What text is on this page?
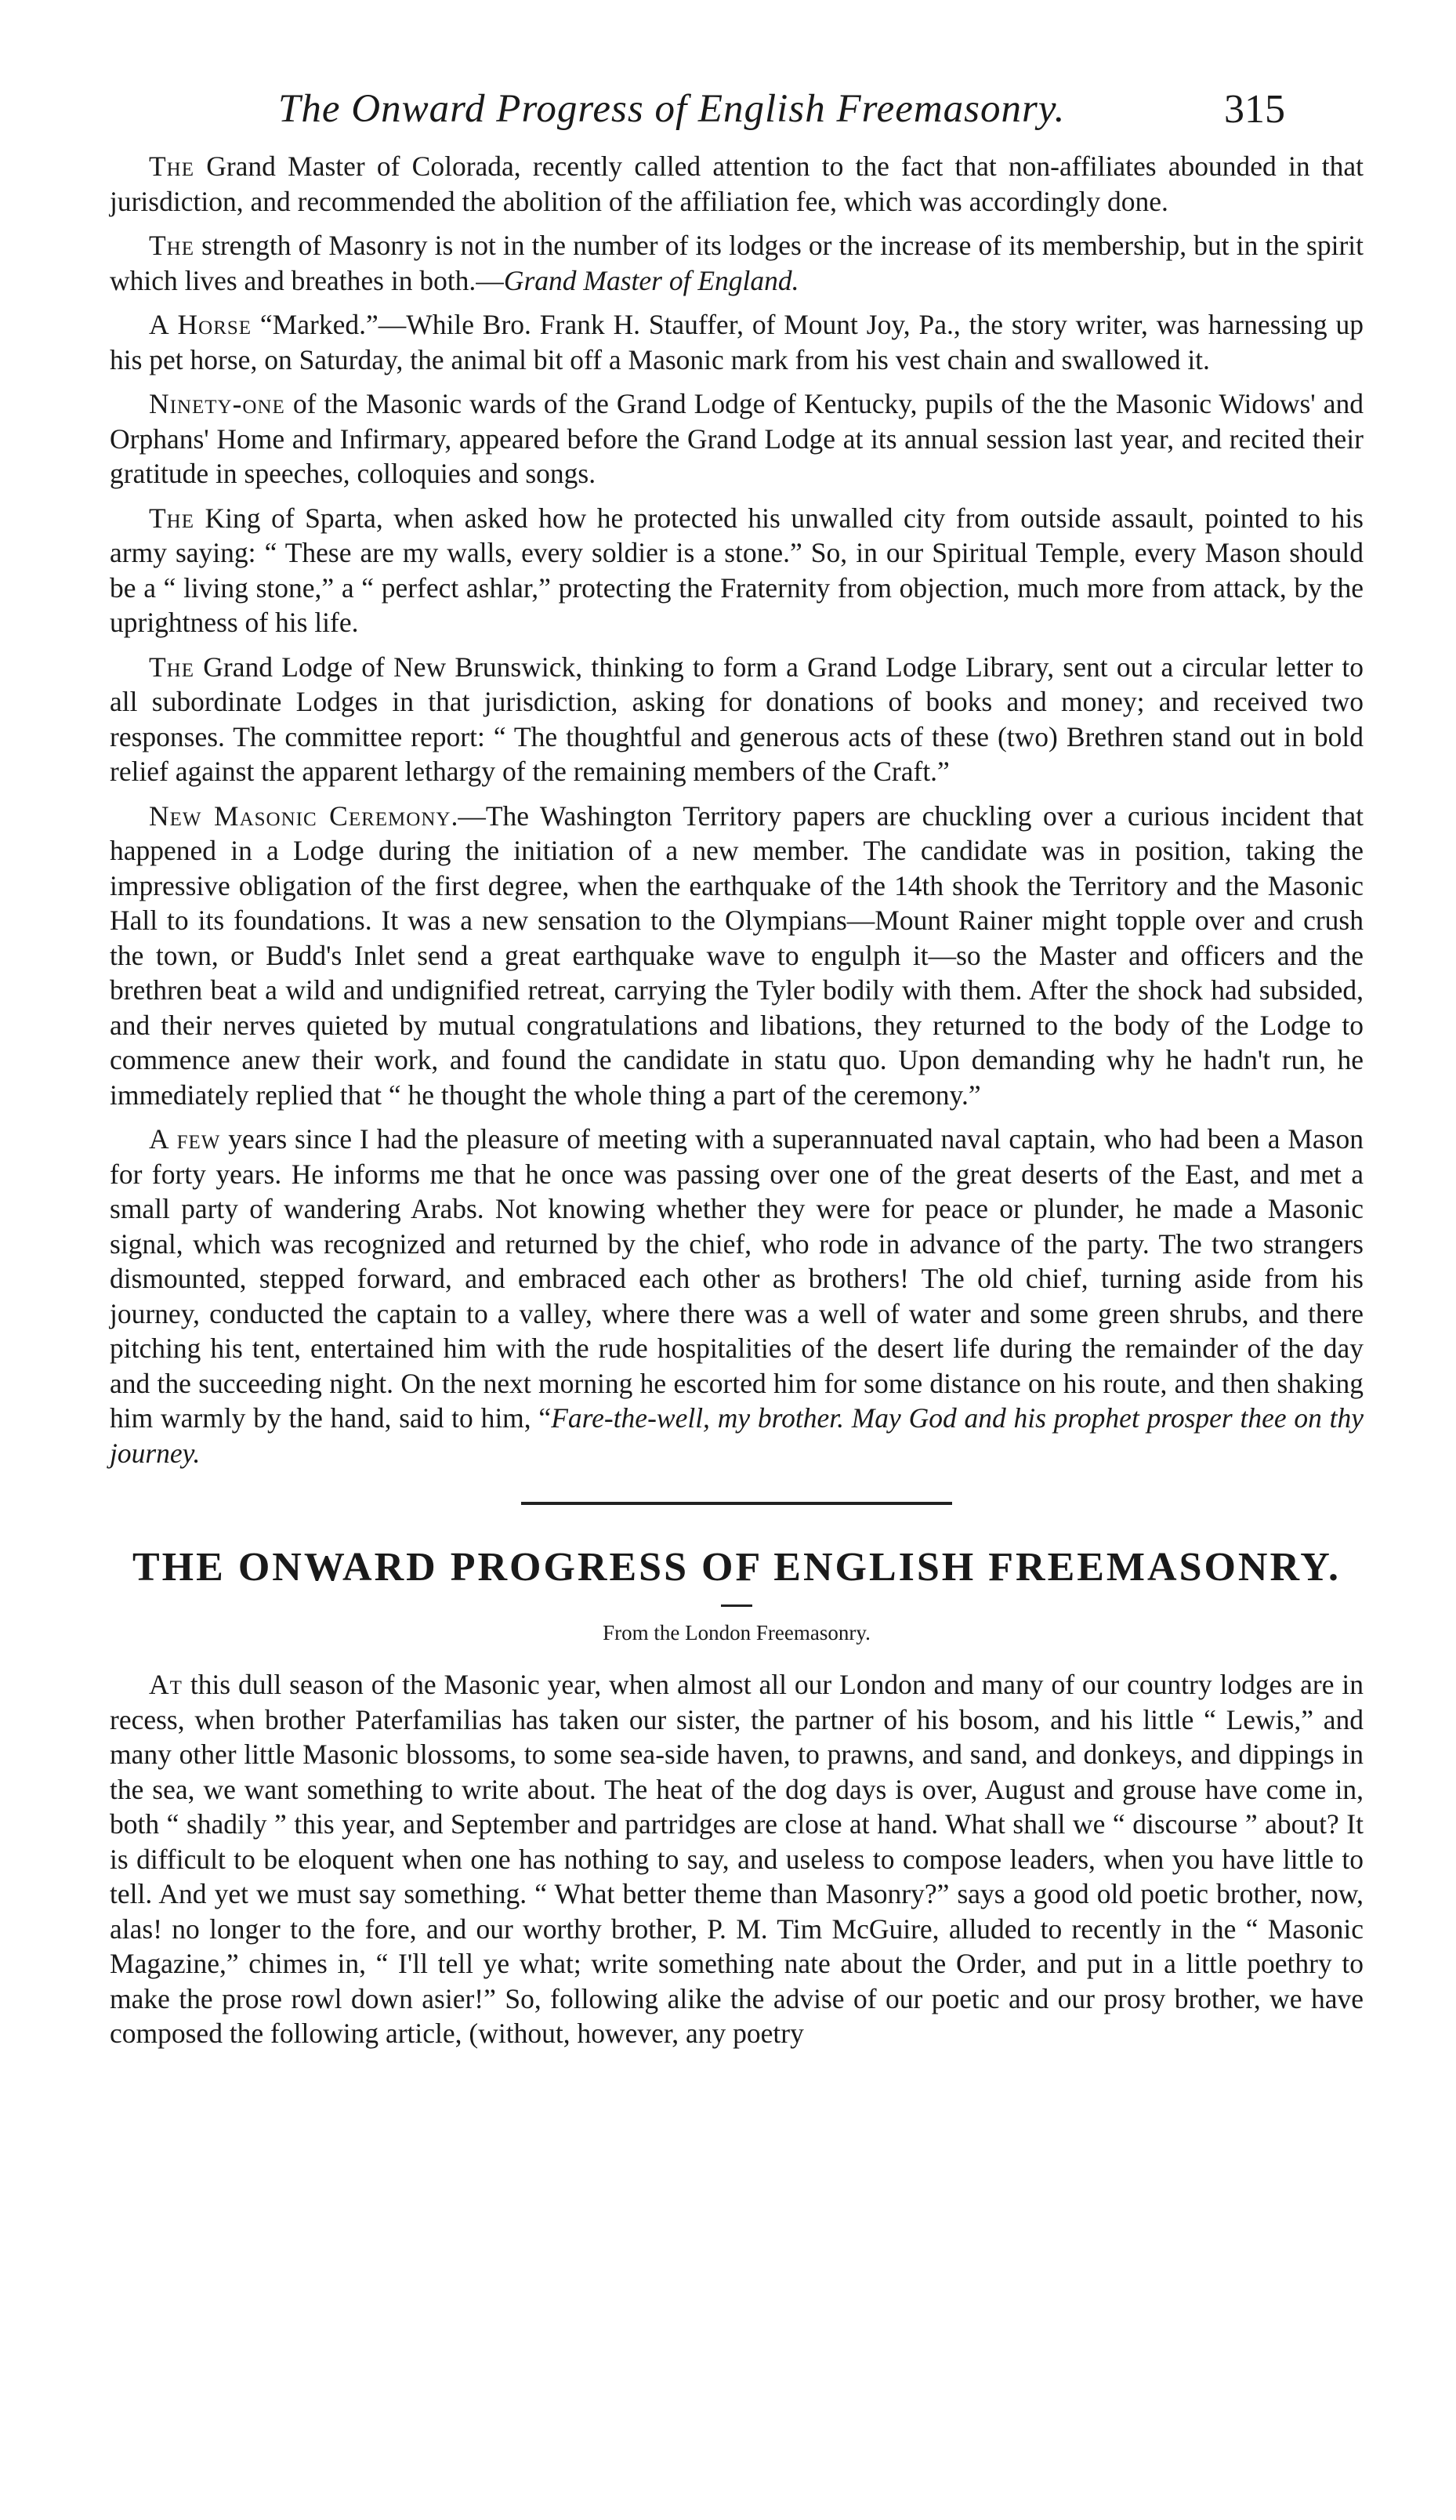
The Onward Progress of English Freemasonry.	315

The Grand Master of Colorada, recently called attention to the fact that non-affiliates abounded in that jurisdiction, and recommended the abolition of the affiliation fee, which was accordingly done.

The strength of Masonry is not in the number of its lodges or the increase of its membership, but in the spirit which lives and breathes in both.—Grand Master of England.

A Horse “Marked.”—While Bro. Frank H. Stauffer, of Mount Joy, Pa., the story writer, was harnessing up his pet horse, on Saturday, the animal bit off a Masonic mark from his vest chain and swallowed it.

Ninety-one of the Masonic wards of the Grand Lodge of Kentucky, pupils of the the Masonic Widows' and Orphans' Home and Infirmary, appeared before the Grand Lodge at its annual session last year, and recited their gratitude in speeches, colloquies and songs.

The King of Sparta, when asked how he protected his unwalled city from outside assault, pointed to his army saying: “ These are my walls, every soldier is a stone.” So, in our Spiritual Temple, every Mason should be a “ living stone,” a “ perfect ashlar,” protecting the Fraternity from objection, much more from attack, by the uprightness of his life.

The Grand Lodge of New Brunswick, thinking to form a Grand Lodge Library, sent out a circular letter to all subordinate Lodges in that jurisdiction, asking for donations of books and money; and received two responses. The committee report: “ The thoughtful and generous acts of these (two) Brethren stand out in bold relief against the apparent lethargy of the remaining members of the Craft.”

New Masonic Ceremony.—The Washington Territory papers are chuckling over a curious incident that happened in a Lodge during the initiation of a new member. The candidate was in position, taking the impressive obligation of the first degree, when the earthquake of the 14th shook the Territory and the Masonic Hall to its foundations. It was a new sensation to the Olympians—Mount Rainer might topple over and crush the town, or Budd's Inlet send a great earthquake wave to engulph it—so the Master and officers and the brethren beat a wild and undignified retreat, carrying the Tyler bodily with them. After the shock had subsided, and their nerves quieted by mutual congratulations and libations, they returned to the body of the Lodge to commence anew their work, and found the candidate in statu quo. Upon demanding why he hadn't run, he immediately replied that “ he thought the whole thing a part of the ceremony.”

A few years since I had the pleasure of meeting with a superannuated naval captain, who had been a Mason for forty years. He informs me that he once was passing over one of the great deserts of the East, and met a small party of wandering Arabs. Not knowing whether they were for peace or plunder, he made a Masonic signal, which was recognized and returned by the chief, who rode in advance of the party. The two strangers dismounted, stepped forward, and embraced each other as brothers! The old chief, turning aside from his journey, conducted the captain to a valley, where there was a well of water and some green shrubs, and there pitching his tent, entertained him with the rude hospitalities of the desert life during the remainder of the day and the succeeding night. On the next morning he escorted him for some distance on his route, and then shaking him warmly by the hand, said to him, “Fare-the-well, my brother. May God and his prophet prosper thee on thy journey.

THE ONWARD PROGRESS OF ENGLISH FREEMASONRY.

From the London Freemasonry.

At this dull season of the Masonic year, when almost all our London and many of our country lodges are in recess, when brother Paterfamilias has taken our sister, the partner of his bosom, and his little “ Lewis,” and many other little Masonic blossoms, to some sea-side haven, to prawns, and sand, and donkeys, and dippings in the sea, we want something to write about. The heat of the dog days is over, August and grouse have come in, both “ shadily ” this year, and September and partridges are close at hand. What shall we “ discourse ” about? It is difficult to be eloquent when one has nothing to say, and useless to compose leaders, when you have little to tell. And yet we must say something. “ What better theme than Masonry?” says a good old poetic brother, now, alas! no longer to the fore, and our worthy brother, P. M. Tim McGuire, alluded to recently in the “ Masonic Magazine,” chimes in, “ I'll tell ye what; write something nate about the Order, and put in a little poethry to make the prose rowl down asier!” So, following alike the advise of our poetic and our prosy brother, we have composed the following article, (without, however, any poetry
